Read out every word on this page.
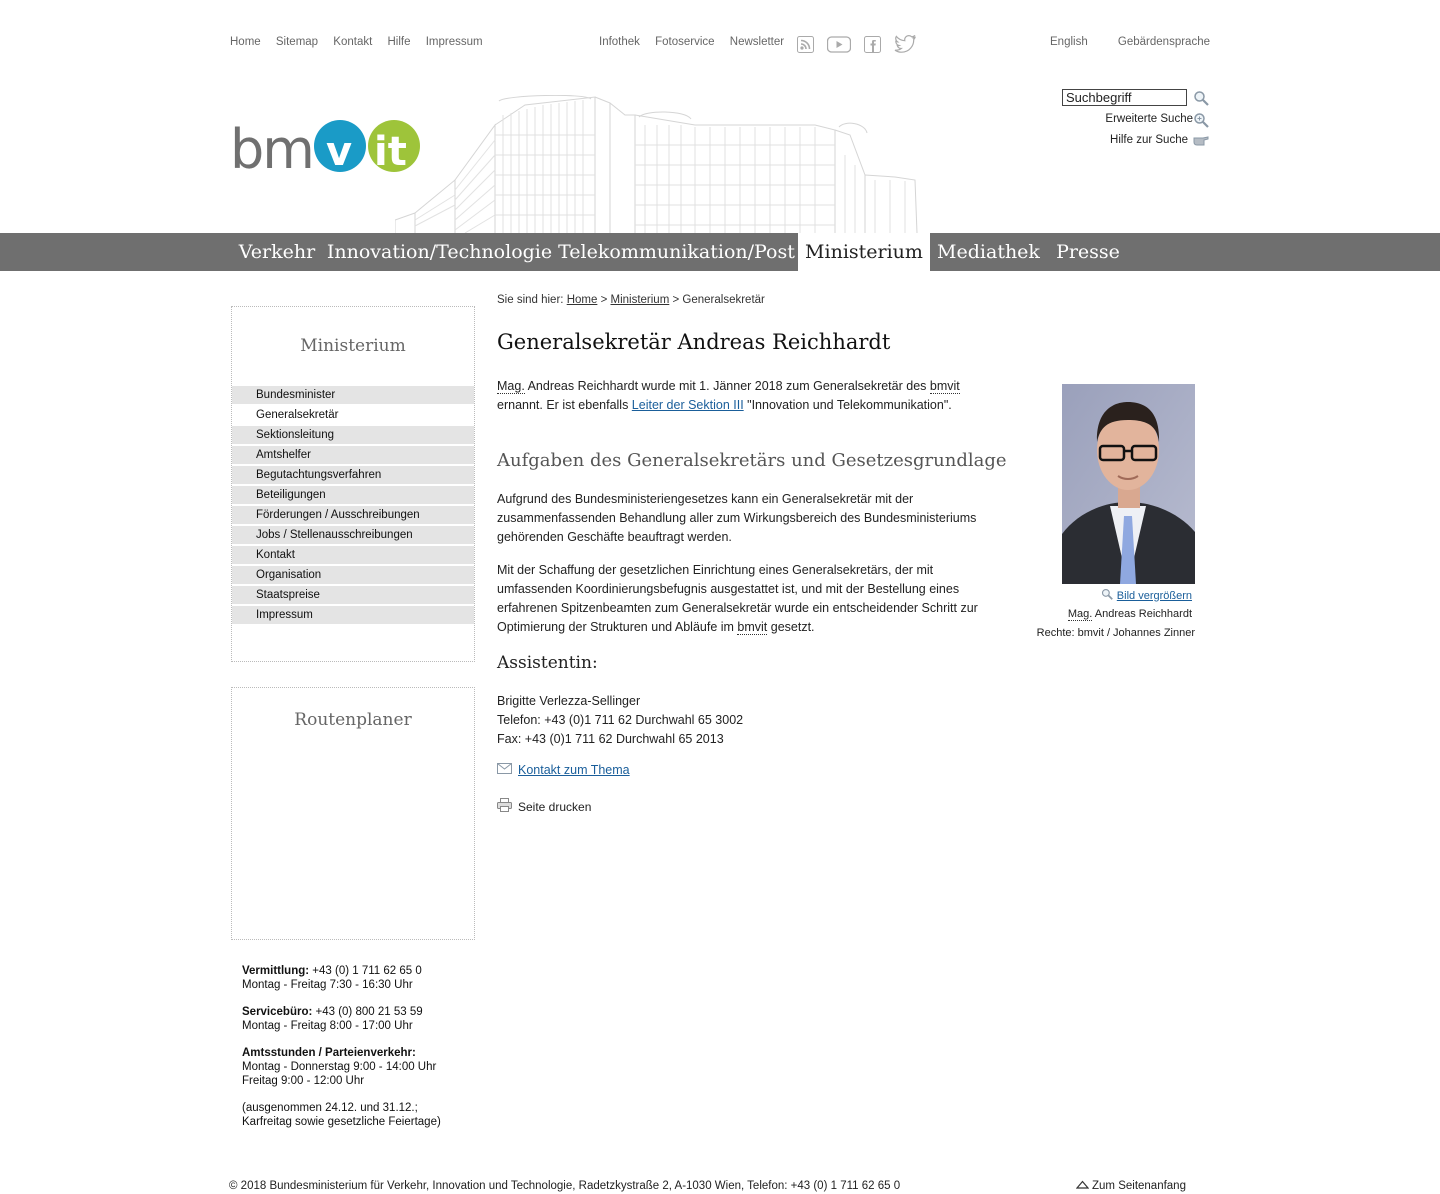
Home Sitemap Kontakt Hilfe Impressum	Infothek Fotoservice Newsletter	English	Gebärdensprache
bm v it
Suchbegriff
Erweiterte Suche
Hilfe zur Suche
Verkehr Innovation/Technologie Telekommunikation/Post Ministerium Mediathek Presse
Ministerium
Bundesminister
Generalsekretär
Sektionsleitung
Amtshelfer
Begutachtungsverfahren
Beteiligungen
Förderungen / Ausschreibungen
Jobs / Stellenausschreibungen
Kontakt
Organisation
Staatspreise
Impressum
Routenplaner

Vermittlung: +43 (0) 1 711 62 65 0
Montag - Freitag 7:30 - 16:30 Uhr

Servicebüro: +43 (0) 800 21 53 59
Montag - Freitag 8:00 - 17:00 Uhr

Amtsstunden / Parteienverkehr:
Montag - Donnerstag 9:00 - 14:00 Uhr
Freitag 9:00 - 12:00 Uhr

(ausgenommen 24.12. und 31.12.;
Karfreitag sowie gesetzliche Feiertage)

Sie sind hier: Home > Ministerium > Generalsekretär
Generalsekretär Andreas Reichhardt
Mag. Andreas Reichhardt wurde mit 1. Jänner 2018 zum Generalsekretär des bmvit ernannt. Er ist ebenfalls Leiter der Sektion III "Innovation und Telekommunikation".
Aufgaben des Generalsekretärs und Gesetzesgrundlage
Aufgrund des Bundesministeriengesetzes kann ein Generalsekretär mit der zusammenfassenden Behandlung aller zum Wirkungsbereich des Bundesministeriums gehörenden Geschäfte beauftragt werden.
Mit der Schaffung der gesetzlichen Einrichtung eines Generalsekretärs, der mit umfassenden Koordinierungsbefugnis ausgestattet ist, und mit der Bestellung eines erfahrenen Spitzenbeamten zum Generalsekretär wurde ein entscheidender Schritt zur Optimierung der Strukturen und Abläufe im bmvit gesetzt.
Assistentin:
Brigitte Verlezza-Sellinger
Telefon: +43 (0)1 711 62 Durchwahl 65 3002
Fax: +43 (0)1 711 62 Durchwahl 65 2013
Kontakt zum Thema
Seite drucken
Bild vergrößern
Mag. Andreas Reichhardt
Rechte: bmvit / Johannes Zinner
© 2018 Bundesministerium für Verkehr, Innovation und Technologie, Radetzkystraße 2, A-1030 Wien, Telefon: +43 (0) 1 711 62 65 0	Zum Seitenanfang
